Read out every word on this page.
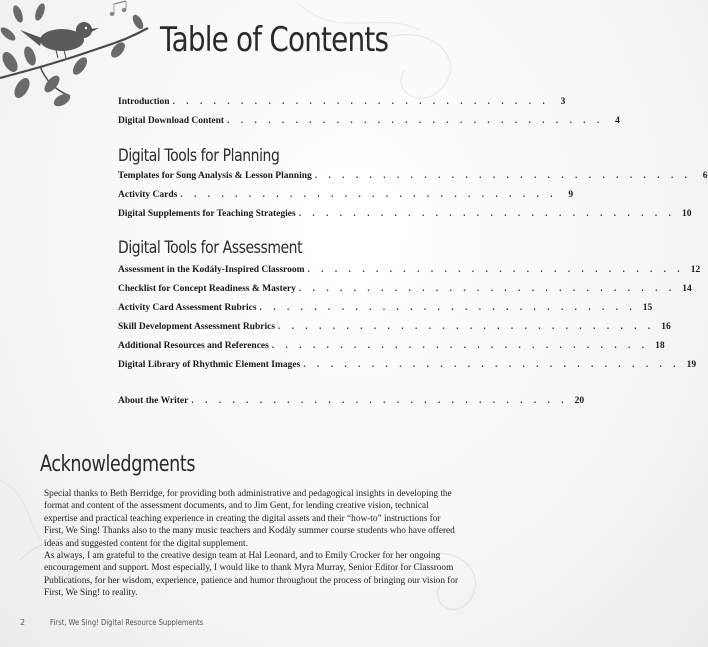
Table of Contents
Introduction . . . . . . . . . . . . . . . . . . . . . . . . . . . .	3
Digital Download Content . . . . . . . . . . . . . . . . . . . . . . . . . . . .	4
Digital Tools for Planning
Templates for Song Analysis & Lesson Planning . . . . . . . . . . . . . . . . . . . . . . . . . . . .	6
Activity Cards . . . . . . . . . . . . . . . . . . . . . . . . . . . .	9
Digital Supplements for Teaching Strategies . . . . . . . . . . . . . . . . . . . . . . . . . . . . 10
Digital Tools for Assessment
Assessment in the Kodály-Inspired Classroom . . . . . . . . . . . . . . . . . . . . . . . . . . . . 12
Checklist for Concept Readiness & Mastery . . . . . . . . . . . . . . . . . . . . . . . . . . . . 14
Activity Card Assessment Rubrics . . . . . . . . . . . . . . . . . . . . . . . . . . . . 15
Skill Development Assessment Rubrics . . . . . . . . . . . . . . . . . . . . . . . . . . . . 16
Additional Resources and References . . . . . . . . . . . . . . . . . . . . . . . . . . . . 18
Digital Library of Rhythmic Element Images . . . . . . . . . . . . . . . . . . . . . . . . . . . . 19
About the Writer . . . . . . . . . . . . . . . . . . . . . . . . . . . . 20
Acknowledgments

Special thanks to Beth Berridge, for providing both administrative and pedagogical insights in developing the format and content of the assessment documents, and to Jim Gent, for lending creative vision, technical expertise and practical teaching experience in creating the digital assets and their “how-to” instructions for First, We Sing! Thanks also to the many music teachers and Kodály summer course students who have offered ideas and suggested content for the digital supplement.

As always, I am grateful to the creative design team at Hal Leonard, and to Emily Crocker for her ongoing encouragement and support. Most especially, I would like to thank Myra Murray, Senior Editor for Classroom Publications, for her wisdom, experience, patience and humor throughout the process of bringing our vision for First, We Sing! to reality.

2	First, We Sing! Digital Resource Supplements
